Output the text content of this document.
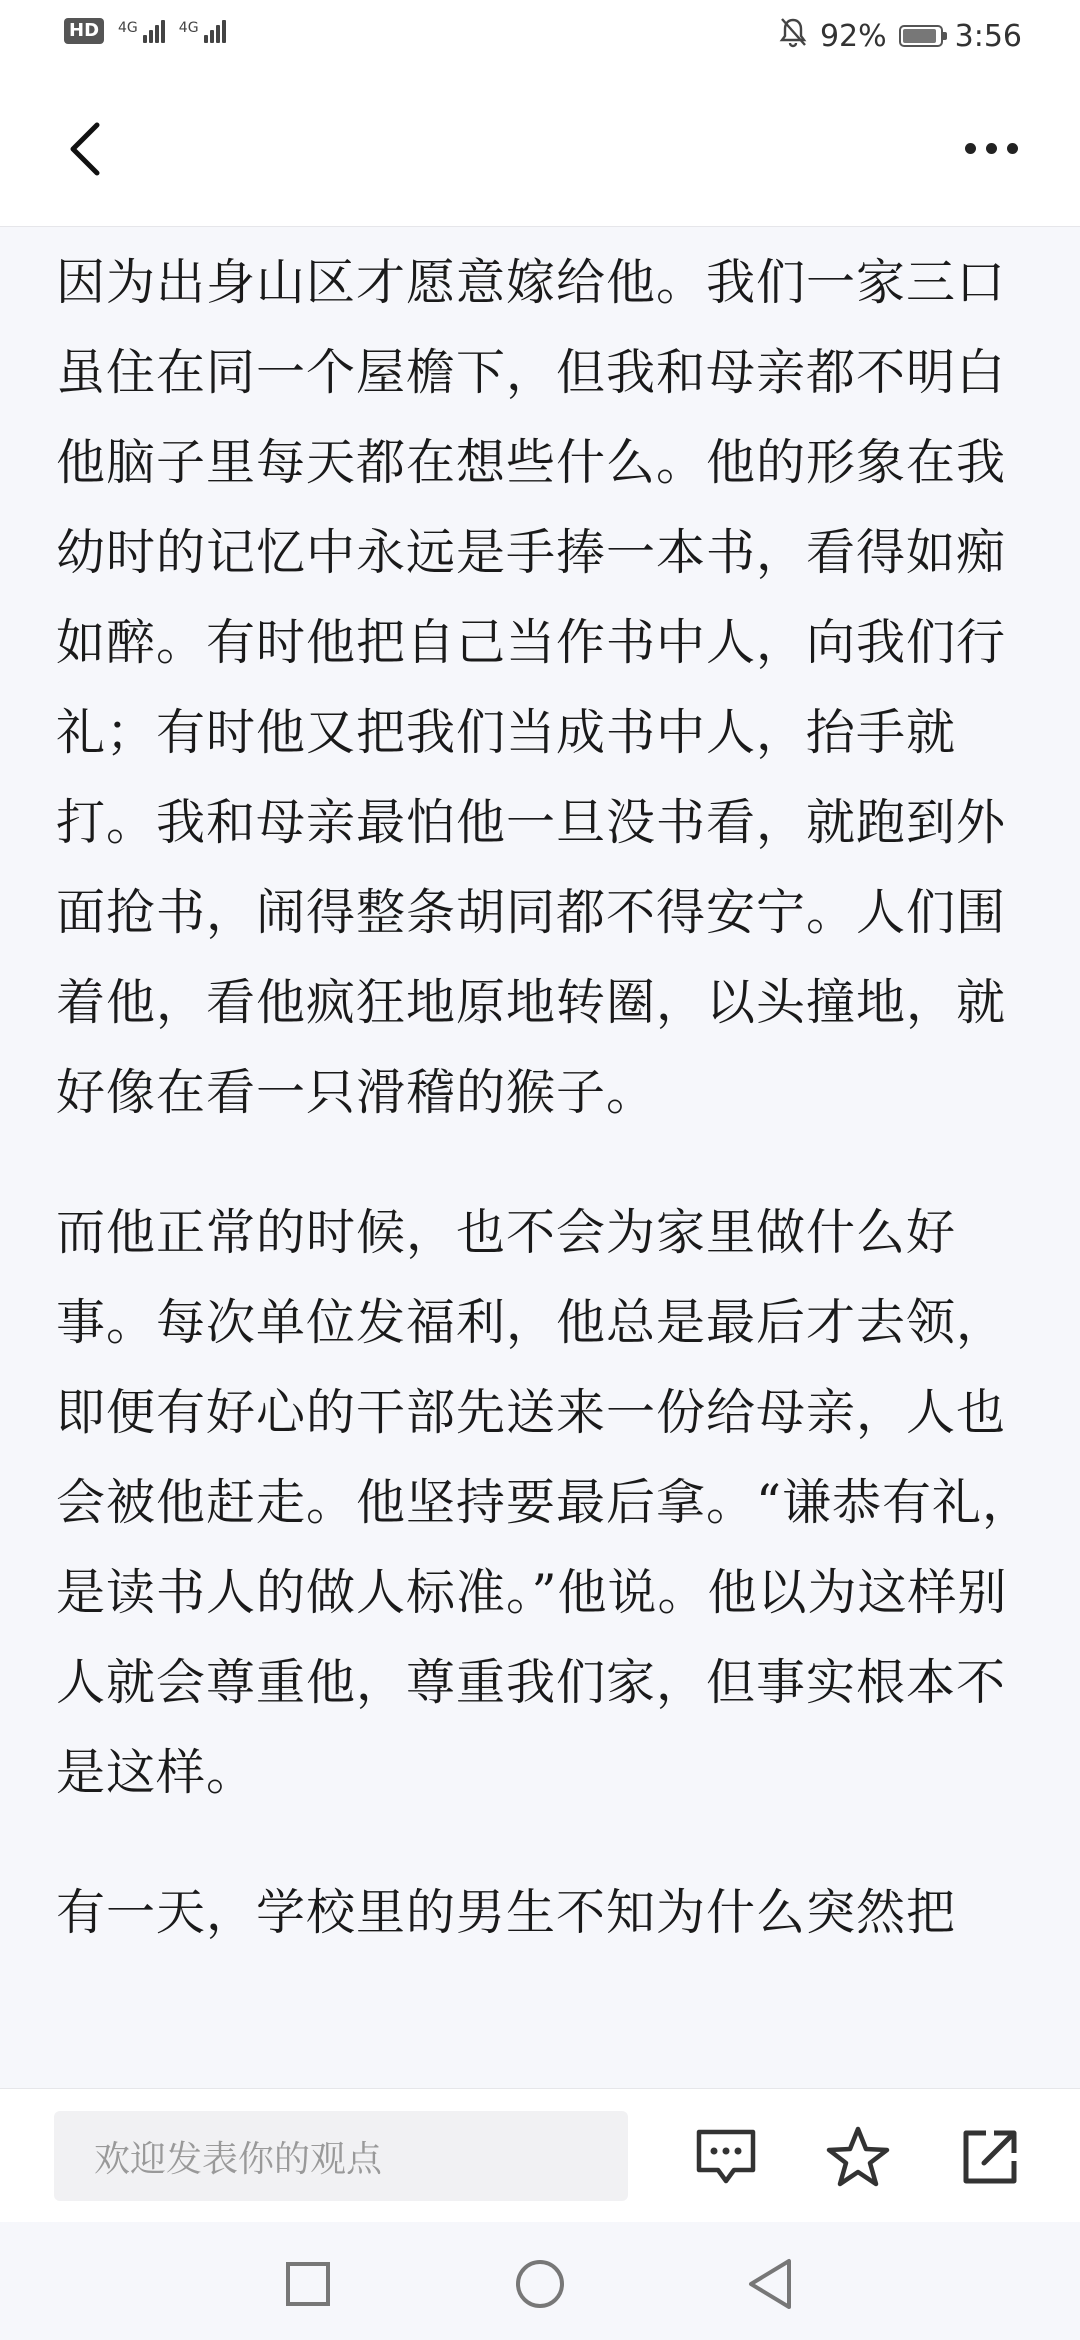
HD	4G	4G	92% 3:56

因为出身山区才愿意嫁给他。我们一家三口虽住在同一个屋檐下，但我和母亲都不明白他脑子里每天都在想些什么。他的形象在我幼时的记忆中永远是手捧一本书，看得如痴如醉。有时他把自己当作书中人，向我们行礼；有时他又把我们当成书中人，抬手就打。我和母亲最怕他一旦没书看，就跑到外面抢书，闹得整条胡同都不得安宁。人们围着他，看他疯狂地原地转圈，以头撞地，就好像在看一只滑稽的猴子。

而他正常的时候，也不会为家里做什么好事。每次单位发福利，他总是最后才去领，即便有好心的干部先送来一份给母亲，人也会被他赶走。他坚持要最后拿。“谦恭有礼，是读书人的做人标准。”他说。他以为这样别人就会尊重他，尊重我们家，但事实根本不是这样。

有一天，学校里的男生不知为什么突然把

欢迎发表你的观点
